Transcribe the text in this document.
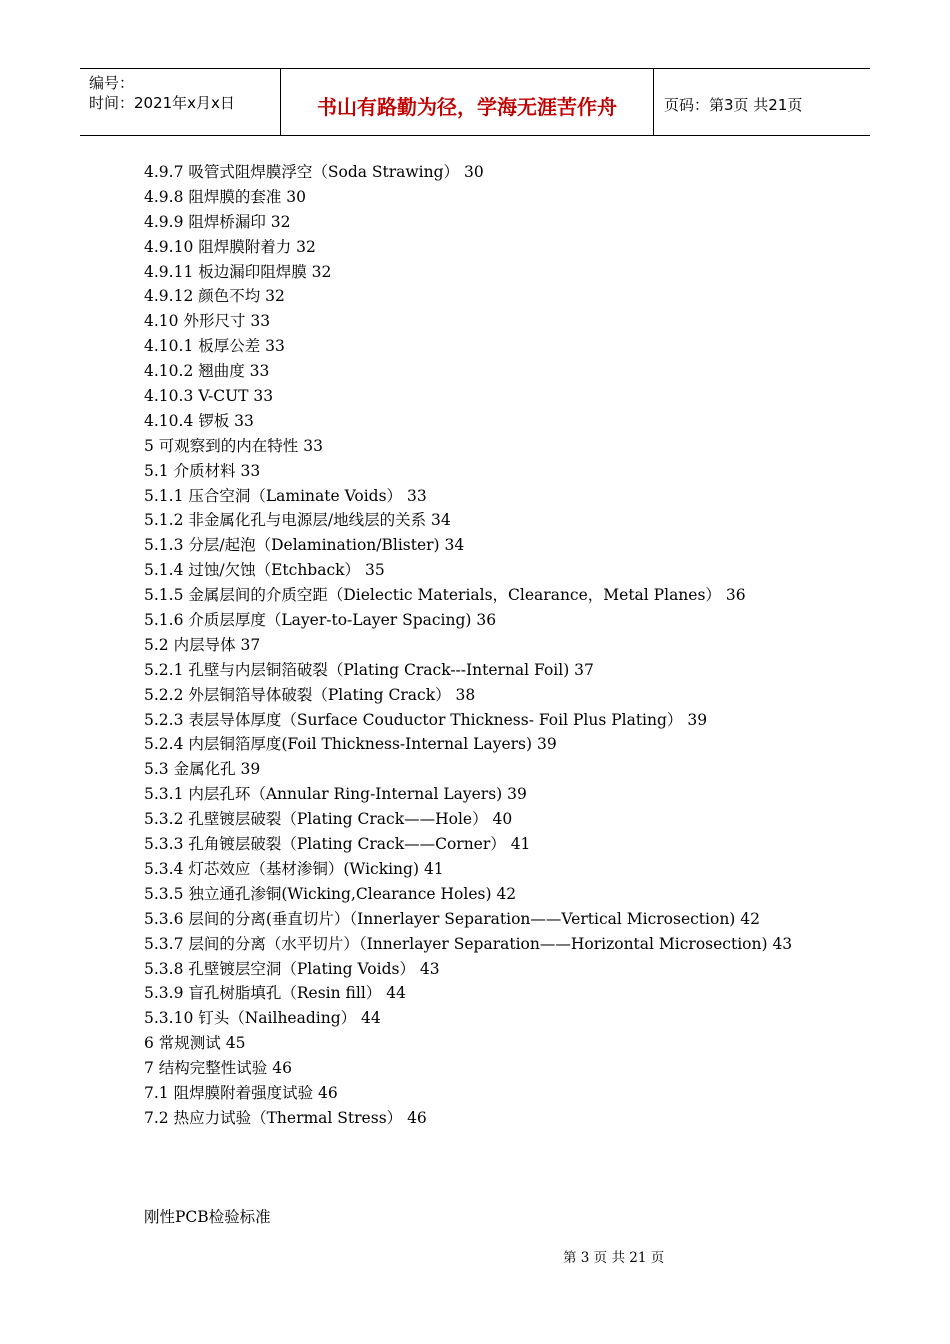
编号：
时间：2021年x月x日	书山有路勤为径，学海无涯苦作舟	页码：第3页 共21页
4.9.7 吸管式阻焊膜浮空（Soda Strawing） 30
4.9.8 阻焊膜的套准 30
4.9.9 阻焊桥漏印 32
4.9.10 阻焊膜附着力 32
4.9.11 板边漏印阻焊膜 32
4.9.12 颜色不均 32
4.10 外形尺寸 33
4.10.1 板厚公差 33
4.10.2 翘曲度 33
4.10.3 V-CUT 33
4.10.4 锣板 33
5 可观察到的内在特性 33
5.1 介质材料 33
5.1.1 压合空洞（Laminate Voids） 33
5.1.2 非金属化孔与电源层/地线层的关系 34
5.1.3 分层/起泡（Delamination/Blister) 34
5.1.4 过蚀/欠蚀（Etchback） 35
5.1.5 金属层间的介质空距（Dielectic Materials，Clearance，Metal Planes） 36
5.1.6 介质层厚度（Layer-to-Layer Spacing) 36
5.2 内层导体 37
5.2.1 孔壁与内层铜箔破裂（Plating Crack---Internal Foil) 37
5.2.2 外层铜箔导体破裂（Plating Crack） 38
5.2.3 表层导体厚度（Surface Couductor Thickness- Foil Plus Plating） 39
5.2.4 内层铜箔厚度(Foil Thickness-Internal Layers) 39
5.3 金属化孔 39
5.3.1 内层孔环（Annular Ring-Internal Layers) 39
5.3.2 孔壁镀层破裂（Plating Crack——Hole） 40
5.3.3 孔角镀层破裂（Plating Crack——Corner） 41
5.3.4 灯芯效应（基材渗铜）(Wicking) 41
5.3.5 独立通孔渗铜(Wicking,Clearance Holes) 42
5.3.6 层间的分离(垂直切片）（Innerlayer Separation——Vertical Microsection) 42
5.3.7 层间的分离（水平切片）（Innerlayer Separation——Horizontal Microsection) 43
5.3.8 孔壁镀层空洞（Plating Voids） 43
5.3.9 盲孔树脂填孔（Resin fill） 44
5.3.10 钉头（Nailheading） 44
6 常规测试 45
7 结构完整性试验 46
7.1 阻焊膜附着强度试验 46
7.2 热应力试验（Thermal Stress） 46
刚性PCB检验标准
第 3 页 共 21 页
